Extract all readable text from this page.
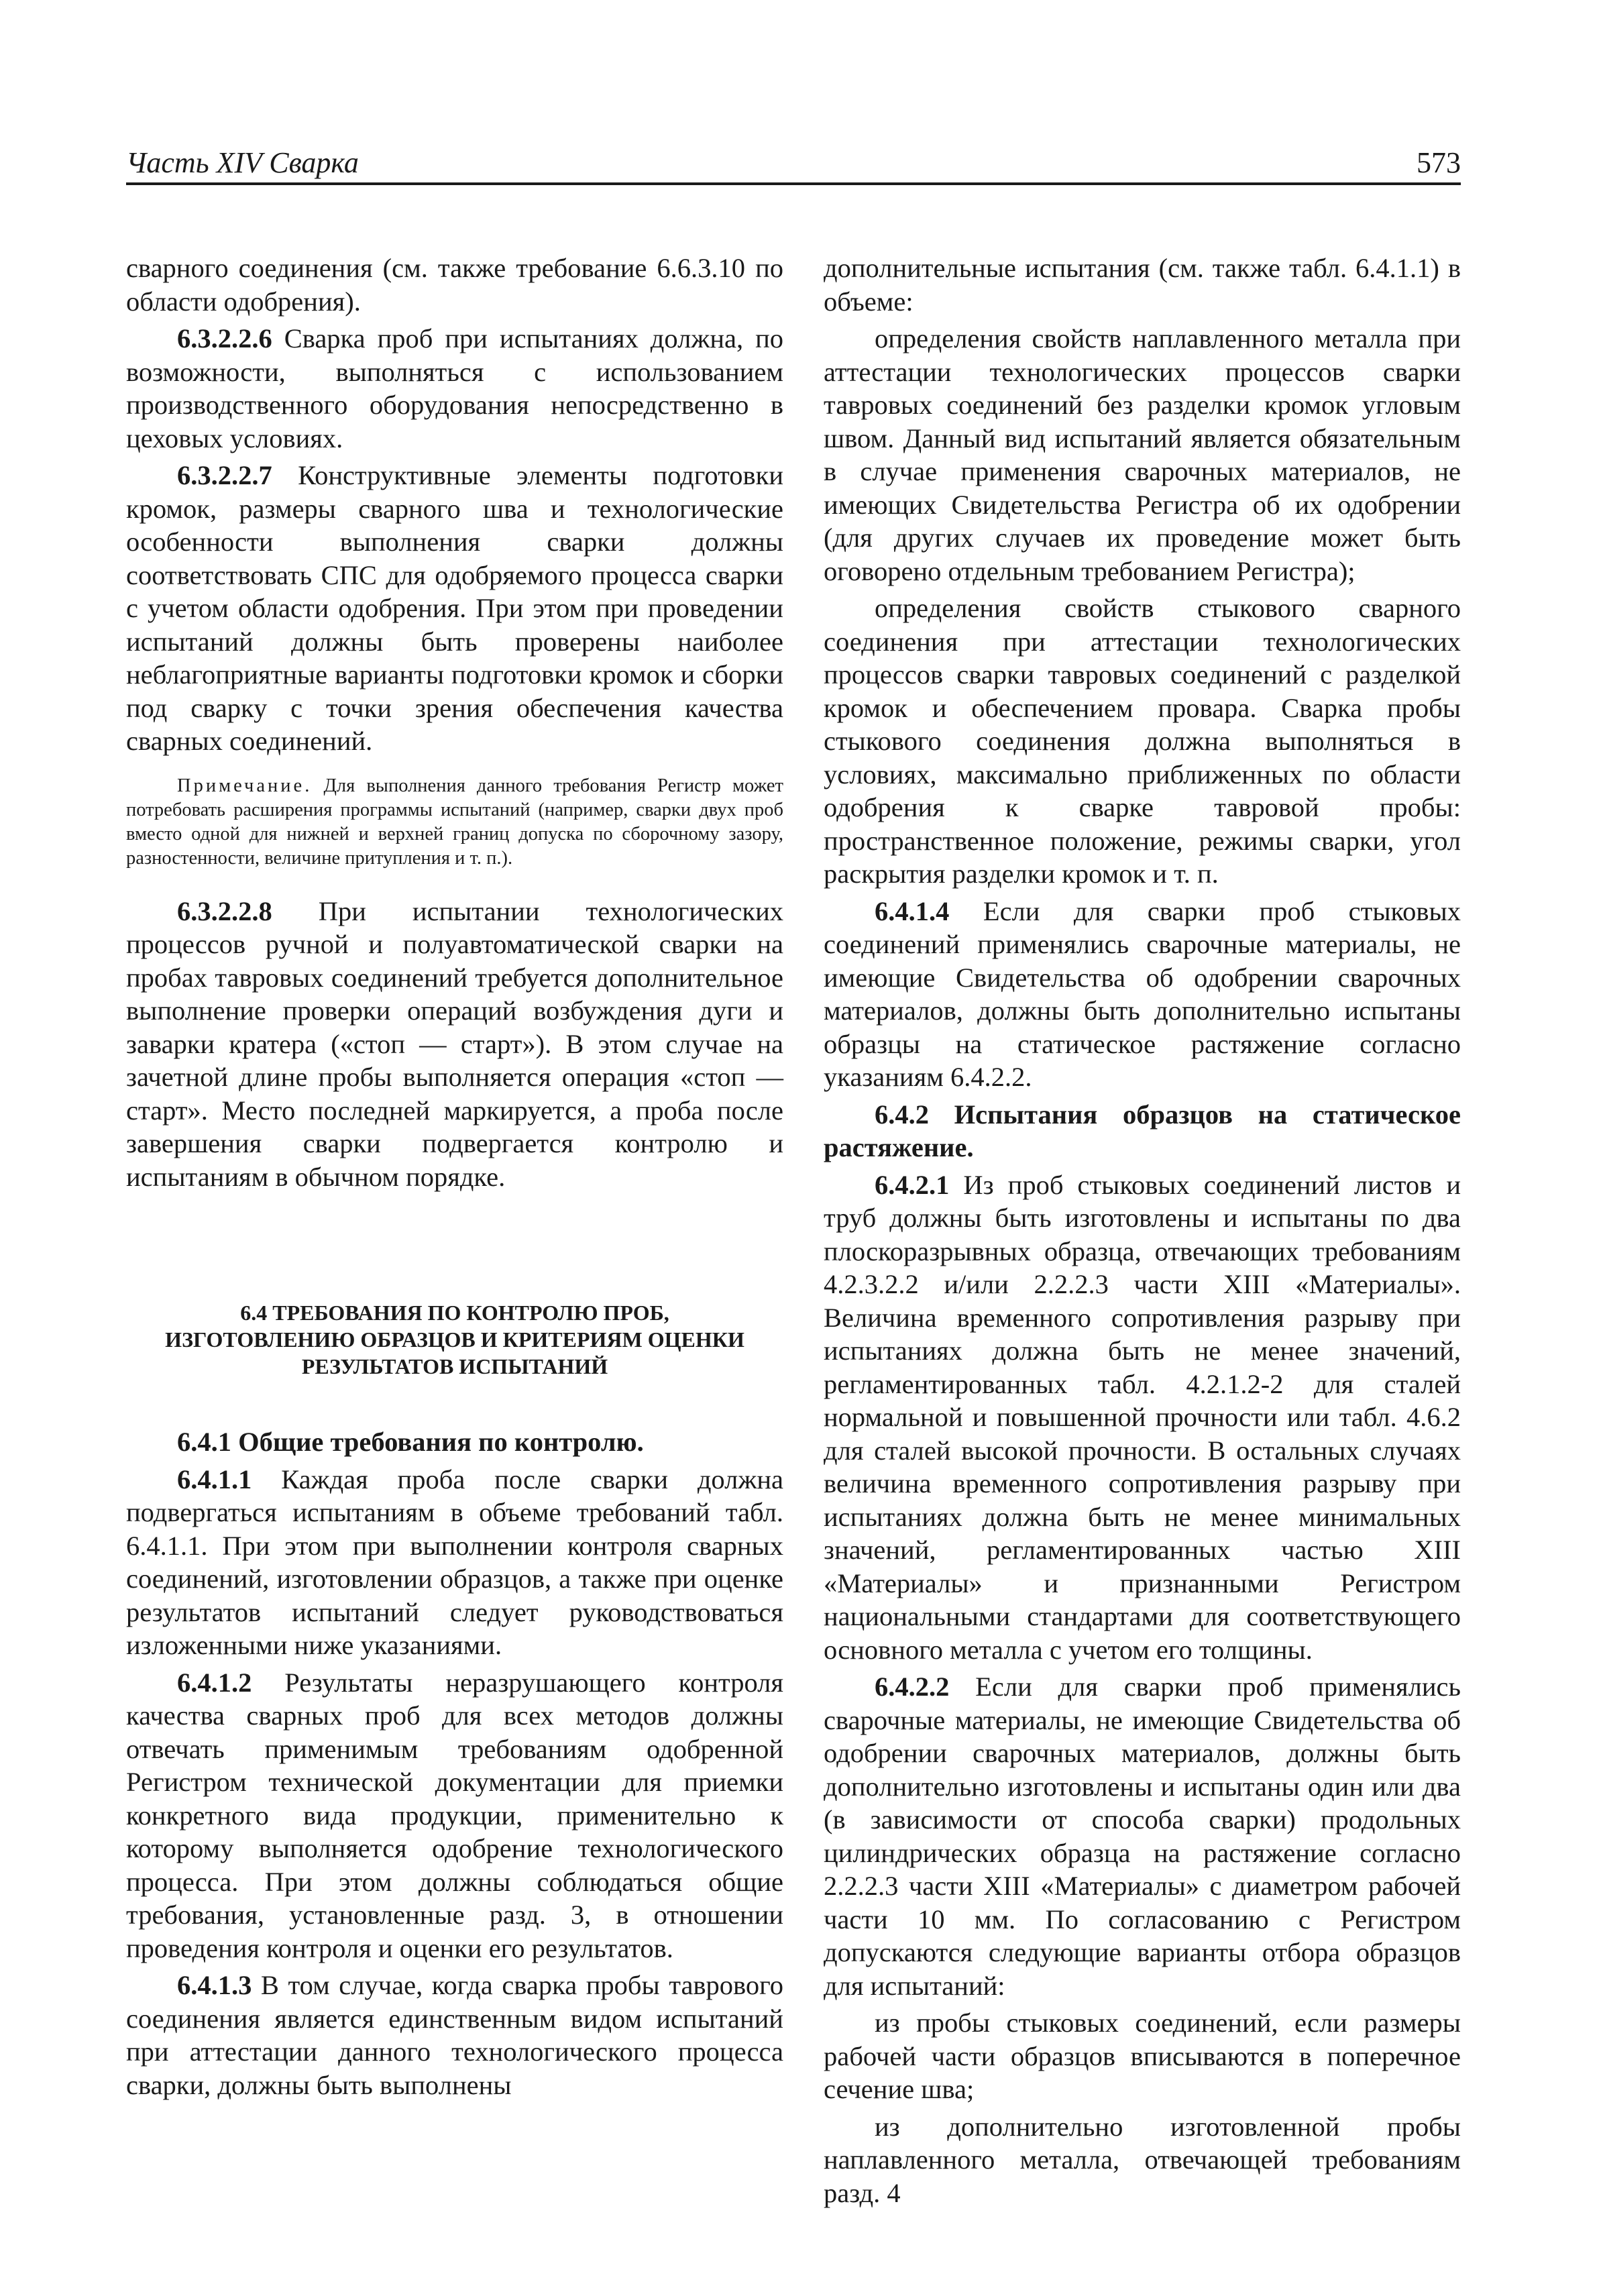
Часть XIV Сварка	573

сварного соединения (см. также требование 6.6.3.10 по области одобрения).

6.3.2.2.6 Сварка проб при испытаниях должна, по возможности, выполняться с использованием производственного оборудования непосредственно в цеховых условиях.

6.3.2.2.7 Конструктивные элементы подготовки кромок, размеры сварного шва и технологические особенности выполнения сварки должны соответствовать СПС для одобряемого процесса сварки с учетом области одобрения. При этом при проведении испытаний должны быть проверены наиболее неблагоприятные варианты подготовки кромок и сборки под сварку с точки зрения обеспечения качества сварных соединений.

Примечание. Для выполнения данного требования Регистр может потребовать расширения программы испытаний (например, сварки двух проб вместо одной для нижней и верхней границ допуска по сборочному зазору, разностенности, величине притупления и т. п.).

6.3.2.2.8 При испытании технологических процессов ручной и полуавтоматической сварки на пробах тавровых соединений требуется дополнительное выполнение проверки операций возбуждения дуги и заварки кратера («стоп — старт»). В этом случае на зачетной длине пробы выполняется операция «стоп — старт». Место последней маркируется, а проба после завершения сварки подвергается контролю и испытаниям в обычном порядке.

6.4 ТРЕБОВАНИЯ ПО КОНТРОЛЮ ПРОБ, ИЗГОТОВЛЕНИЮ ОБРАЗЦОВ И КРИТЕРИЯМ ОЦЕНКИ РЕЗУЛЬТАТОВ ИСПЫТАНИЙ

6.4.1 Общие требования по контролю.

6.4.1.1 Каждая проба после сварки должна подвергаться испытаниям в объеме требований табл. 6.4.1.1. При этом при выполнении контроля сварных соединений, изготовлении образцов, а также при оценке результатов испытаний следует руководствоваться изложенными ниже указаниями.

6.4.1.2 Результаты неразрушающего контроля качества сварных проб для всех методов должны отвечать применимым требованиям одобренной Регистром технической документации для приемки конкретного вида продукции, применительно к которому выполняется одобрение технологического процесса. При этом должны соблюдаться общие требования, установленные разд. 3, в отношении проведения контроля и оценки его результатов.

6.4.1.3 В том случае, когда сварка пробы таврового соединения является единственным видом испытаний при аттестации данного технологического процесса сварки, должны быть выполнены

дополнительные испытания (см. также табл. 6.4.1.1) в объеме:

определения свойств наплавленного металла при аттестации технологических процессов сварки тавровых соединений без разделки кромок угловым швом. Данный вид испытаний является обязательным в случае применения сварочных материалов, не имеющих Свидетельства Регистра об их одобрении (для других случаев их проведение может быть оговорено отдельным требованием Регистра);

определения свойств стыкового сварного соединения при аттестации технологических процессов сварки тавровых соединений с разделкой кромок и обеспечением провара. Сварка пробы стыкового соединения должна выполняться в условиях, максимально приближенных по области одобрения к сварке тавровой пробы: пространственное положение, режимы сварки, угол раскрытия разделки кромок и т. п.

6.4.1.4 Если для сварки проб стыковых соединений применялись сварочные материалы, не имеющие Свидетельства об одобрении сварочных материалов, должны быть дополнительно испытаны образцы на статическое растяжение согласно указаниям 6.4.2.2.

6.4.2 Испытания образцов на статическое растяжение.

6.4.2.1 Из проб стыковых соединений листов и труб должны быть изготовлены и испытаны по два плоскоразрывных образца, отвечающих требованиям 4.2.3.2.2 и/или 2.2.2.3 части XIII «Материалы». Величина временного сопротивления разрыву при испытаниях должна быть не менее значений, регламентированных табл. 4.2.1.2-2 для сталей нормальной и повышенной прочности или табл. 4.6.2 для сталей высокой прочности. В остальных случаях величина временного сопротивления разрыву при испытаниях должна быть не менее минимальных значений, регламентированных частью XIII «Материалы» и признанными Регистром национальными стандартами для соответствующего основного металла с учетом его толщины.

6.4.2.2 Если для сварки проб применялись сварочные материалы, не имеющие Свидетельства об одобрении сварочных материалов, должны быть дополнительно изготовлены и испытаны один или два (в зависимости от способа сварки) продольных цилиндрических образца на растяжение согласно 2.2.2.3 части XIII «Материалы» с диаметром рабочей части 10 мм. По согласованию с Регистром допускаются следующие варианты отбора образцов для испытаний:

из пробы стыковых соединений, если размеры рабочей части образцов вписываются в поперечное сечение шва;

из дополнительно изготовленной пробы наплавленного металла, отвечающей требованиям разд. 4
